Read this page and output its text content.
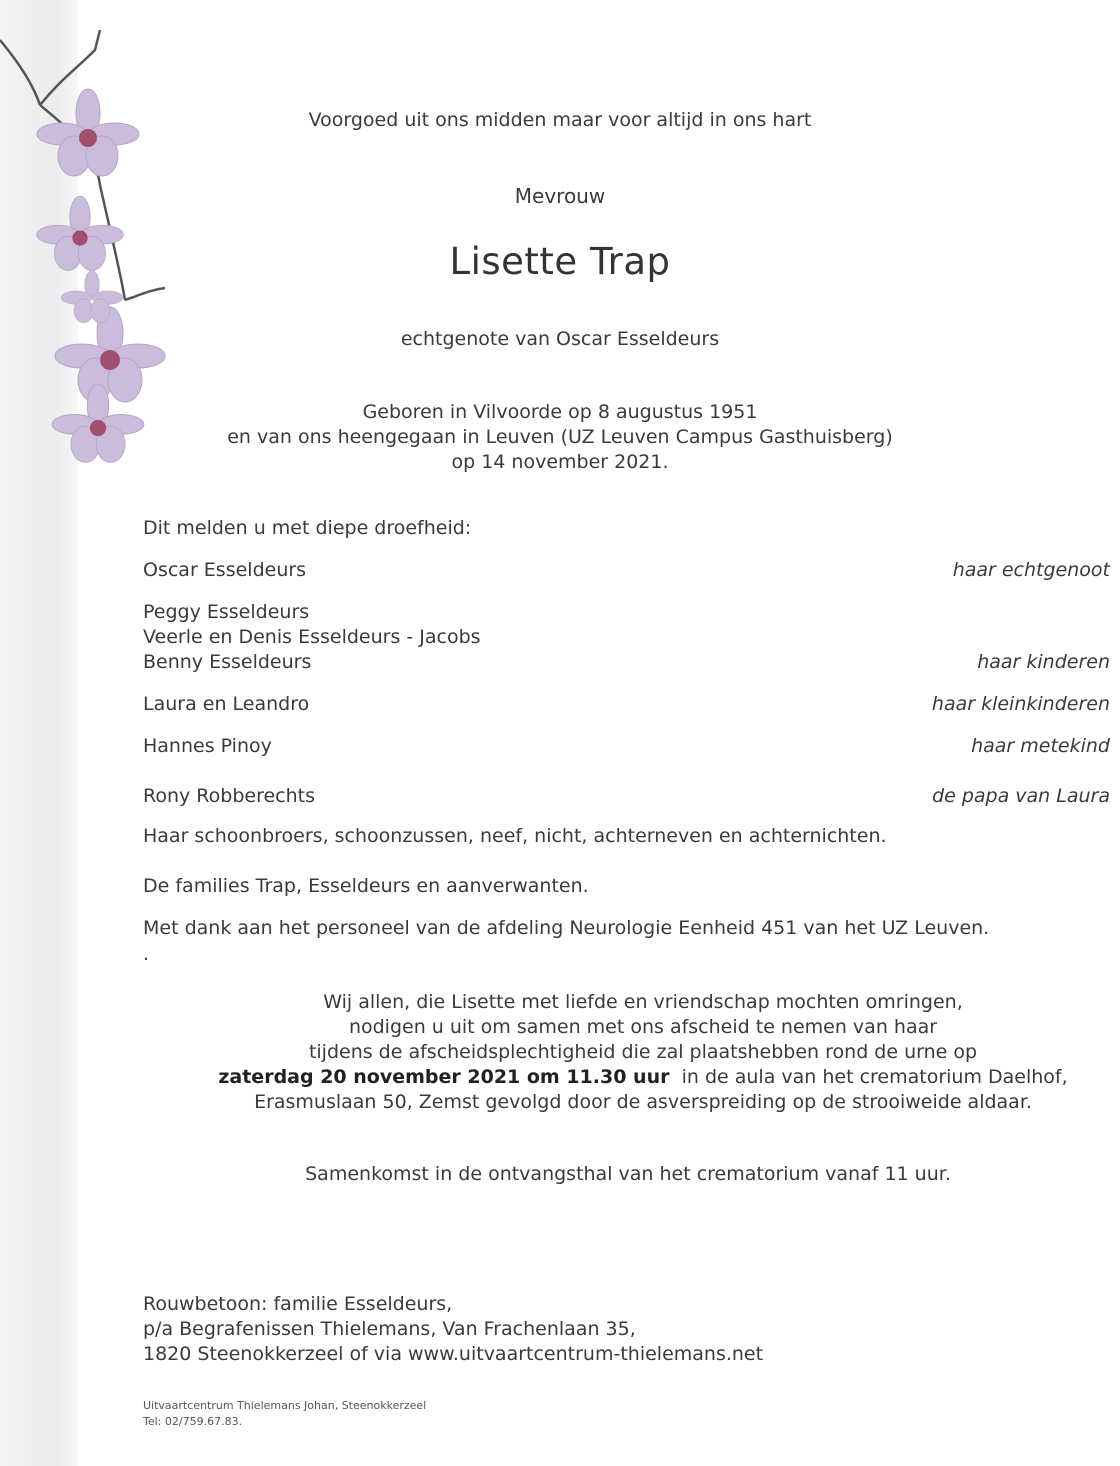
Voorgoed uit ons midden maar voor altijd in ons hart
Mevrouw
Lisette Trap
echtgenote van Oscar Esseldeurs
Geboren in Vilvoorde op 8 augustus 1951
en van ons heengegaan in Leuven (UZ Leuven Campus Gasthuisberg)
op 14 november 2021.
Dit melden u met diepe droefheid:
Oscar Esseldeurs	haar echtgenoot
Peggy Esseldeurs
Veerle en Denis Esseldeurs - Jacobs
Benny Esseldeurs	haar kinderen
Laura en Leandro	haar kleinkinderen
Hannes Pinoy	haar metekind
Rony Robberechts	de papa van Laura
Haar schoonbroers, schoonzussen, neef, nicht, achterneven en achternichten.
De families Trap, Esseldeurs en aanverwanten.
Met dank aan het personeel van de afdeling Neurologie Eenheid 451 van het UZ Leuven.
.
Wij allen, die Lisette met liefde en vriendschap mochten omringen,
nodigen u uit om samen met ons afscheid te nemen van haar
tijdens de afscheidsplechtigheid die zal plaatshebben rond de urne op
zaterdag 20 november 2021 om 11.30 uur in de aula van het crematorium Daelhof,
Erasmuslaan 50, Zemst gevolgd door de asverspreiding op de strooiweide aldaar.
Samenkomst in de ontvangsthal van het crematorium vanaf 11 uur.
Rouwbetoon: familie Esseldeurs,
p/a Begrafenissen Thielemans, Van Frachenlaan 35,
1820 Steenokkerzeel of via www.uitvaartcentrum-thielemans.net
Uitvaartcentrum Thielemans Johan, Steenokkerzeel
Tel: 02/759.67.83.
